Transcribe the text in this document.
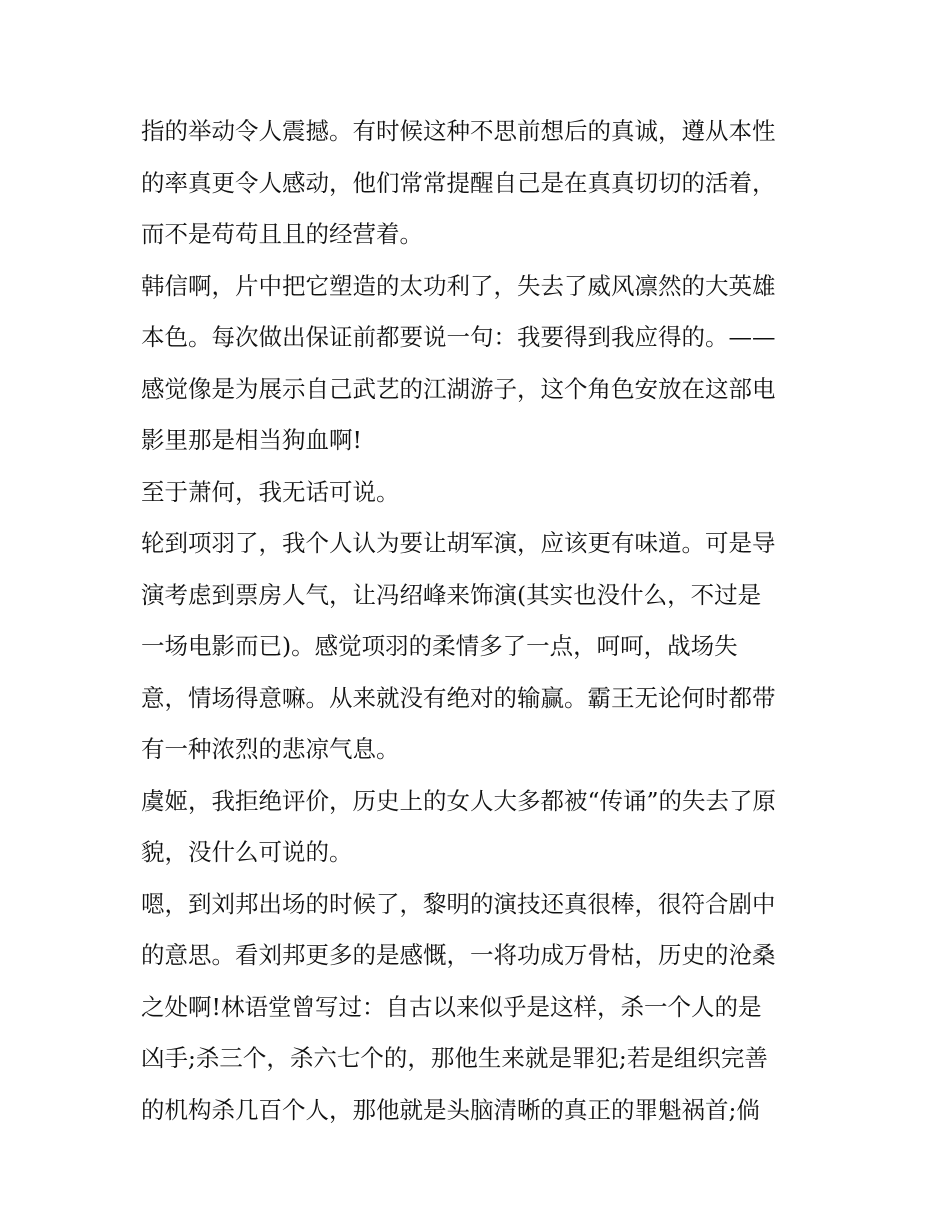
指的举动令人震撼。有时候这种不思前想后的真诚，遵从本性
的率真更令人感动，他们常常提醒自己是在真真切切的活着，
而不是苟苟且且的经营着。
韩信啊，片中把它塑造的太功利了，失去了威风凛然的大英雄
本色。每次做出保证前都要说一句：我要得到我应得的。——
感觉像是为展示自己武艺的江湖游子，这个角色安放在这部电
影里那是相当狗血啊!
至于萧何，我无话可说。
轮到项羽了，我个人认为要让胡军演，应该更有味道。可是导
演考虑到票房人气，让冯绍峰来饰演(其实也没什么，不过是
一场电影而已)。感觉项羽的柔情多了一点，呵呵，战场失
意，情场得意嘛。从来就没有绝对的输赢。霸王无论何时都带
有一种浓烈的悲凉气息。
虞姬，我拒绝评价，历史上的女人大多都被“传诵”的失去了原
貌，没什么可说的。
嗯，到刘邦出场的时候了，黎明的演技还真很棒，很符合剧中
的意思。看刘邦更多的是感慨，一将功成万骨枯，历史的沧桑
之处啊!林语堂曾写过：自古以来似乎是这样，杀一个人的是
凶手;杀三个，杀六七个的，那他生来就是罪犯;若是组织完善
的机构杀几百个人，那他就是头脑清晰的真正的罪魁祸首;倘
